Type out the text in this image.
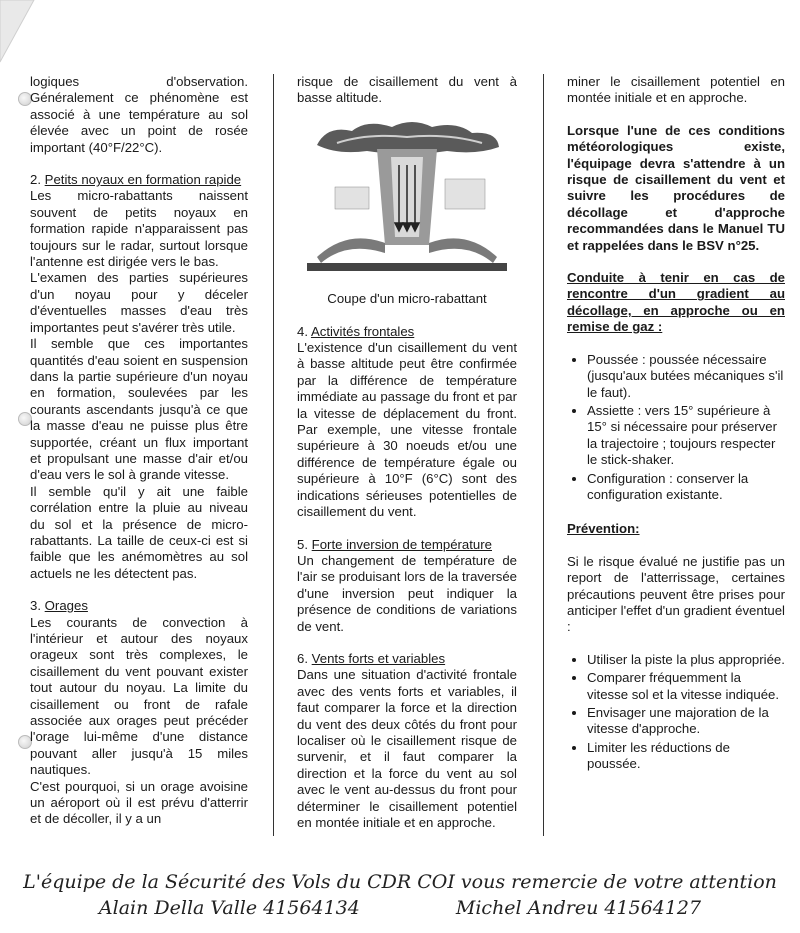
logiques d'observation. Généralement ce phénomène est associé à une température au sol élevée avec un point de rosée important (40°F/22°C).

2. Petits noyaux en formation rapide

Les micro-rabattants naissent souvent de petits noyaux en formation rapide n'apparaissent pas toujours sur le radar, surtout lorsque l'antenne est dirigée vers le bas.

L'examen des parties supérieures d'un noyau pour y déceler d'éventuelles masses d'eau très importantes peut s'avérer très utile.

Il semble que ces importantes quantités d'eau soient en suspension dans la partie supérieure d'un noyau en formation, soulevées par les courants ascendants jusqu'à ce que la masse d'eau ne puisse plus être supportée, créant un flux important et propulsant une masse d'air et/ou d'eau vers le sol à grande vitesse.

Il semble qu'il y ait une faible corrélation entre la pluie au niveau du sol et la présence de micro-rabattants. La taille de ceux-ci est si faible que les anémomètres au sol actuels ne les détectent pas.

3. Orages

Les courants de convection à l'intérieur et autour des noyaux orageux sont très complexes, le cisaillement du vent pouvant exister tout autour du noyau. La limite du cisaillement ou front de rafale associée aux orages peut précéder l'orage lui-même d'une distance pouvant aller jusqu'à 15 miles nautiques.

C'est pourquoi, si un orage avoisine un aéroport où il est prévu d'atterrir et de décoller, il y a un

risque de cisaillement du vent à basse altitude.

Coupe d'un micro-rabattant

4. Activités frontales

L'existence d'un cisaillement du vent à basse altitude peut être confirmée par la différence de température immédiate au passage du front et par la vitesse de déplacement du front. Par exemple, une vitesse frontale supérieure à 30 noeuds et/ou une différence de température égale ou supérieure à 10°F (6°C) sont des indications sérieuses potentielles de cisaillement du vent.

5. Forte inversion de température

Un changement de température de l'air se produisant lors de la traversée d'une inversion peut indiquer la présence de conditions de variations de vent.

6. Vents forts et variables

Dans une situation d'activité frontale avec des vents forts et variables, il faut comparer la force et la direction du vent des deux côtés du front pour localiser où le cisaillement risque de survenir, et il faut comparer la direction et la force du vent au sol avec le vent au-dessus du front pour déterminer le cisaillement potentiel en montée initiale et en approche.

miner le cisaillement potentiel en montée initiale et en approche.

Lorsque l'une de ces conditions météorologiques existe, l'équipage devra s'attendre à un risque de cisaillement du vent et suivre les procédures de décollage et d'approche recommandées dans le Manuel TU et rappelées dans le BSV n°25.

Conduite à tenir en cas de rencontre d'un gradient au décollage, en approche ou en remise de gaz :

• Poussée : poussée nécessaire (jusqu'aux butées mécaniques s'il le faut).
• Assiette : vers 15° supérieure à 15° si nécessaire pour préserver la trajectoire ; toujours respecter le stick-shaker.
• Configuration : conserver la configuration existante.

Prévention:

Si le risque évalué ne justifie pas un report de l'atterrissage, certaines précautions peuvent être prises pour anticiper l'effet d'un gradient éventuel :

• Utiliser la piste la plus appropriée.
• Comparer fréquemment la vitesse sol et la vitesse indiquée.
• Envisager une majoration de la vitesse d'approche.
• Limiter les réductions de poussée.
L'équipe de la Sécurité des Vols du CDR COI vous remercie de votre attention
Alain Della Valle 41564134	Michel Andreu 41564127
